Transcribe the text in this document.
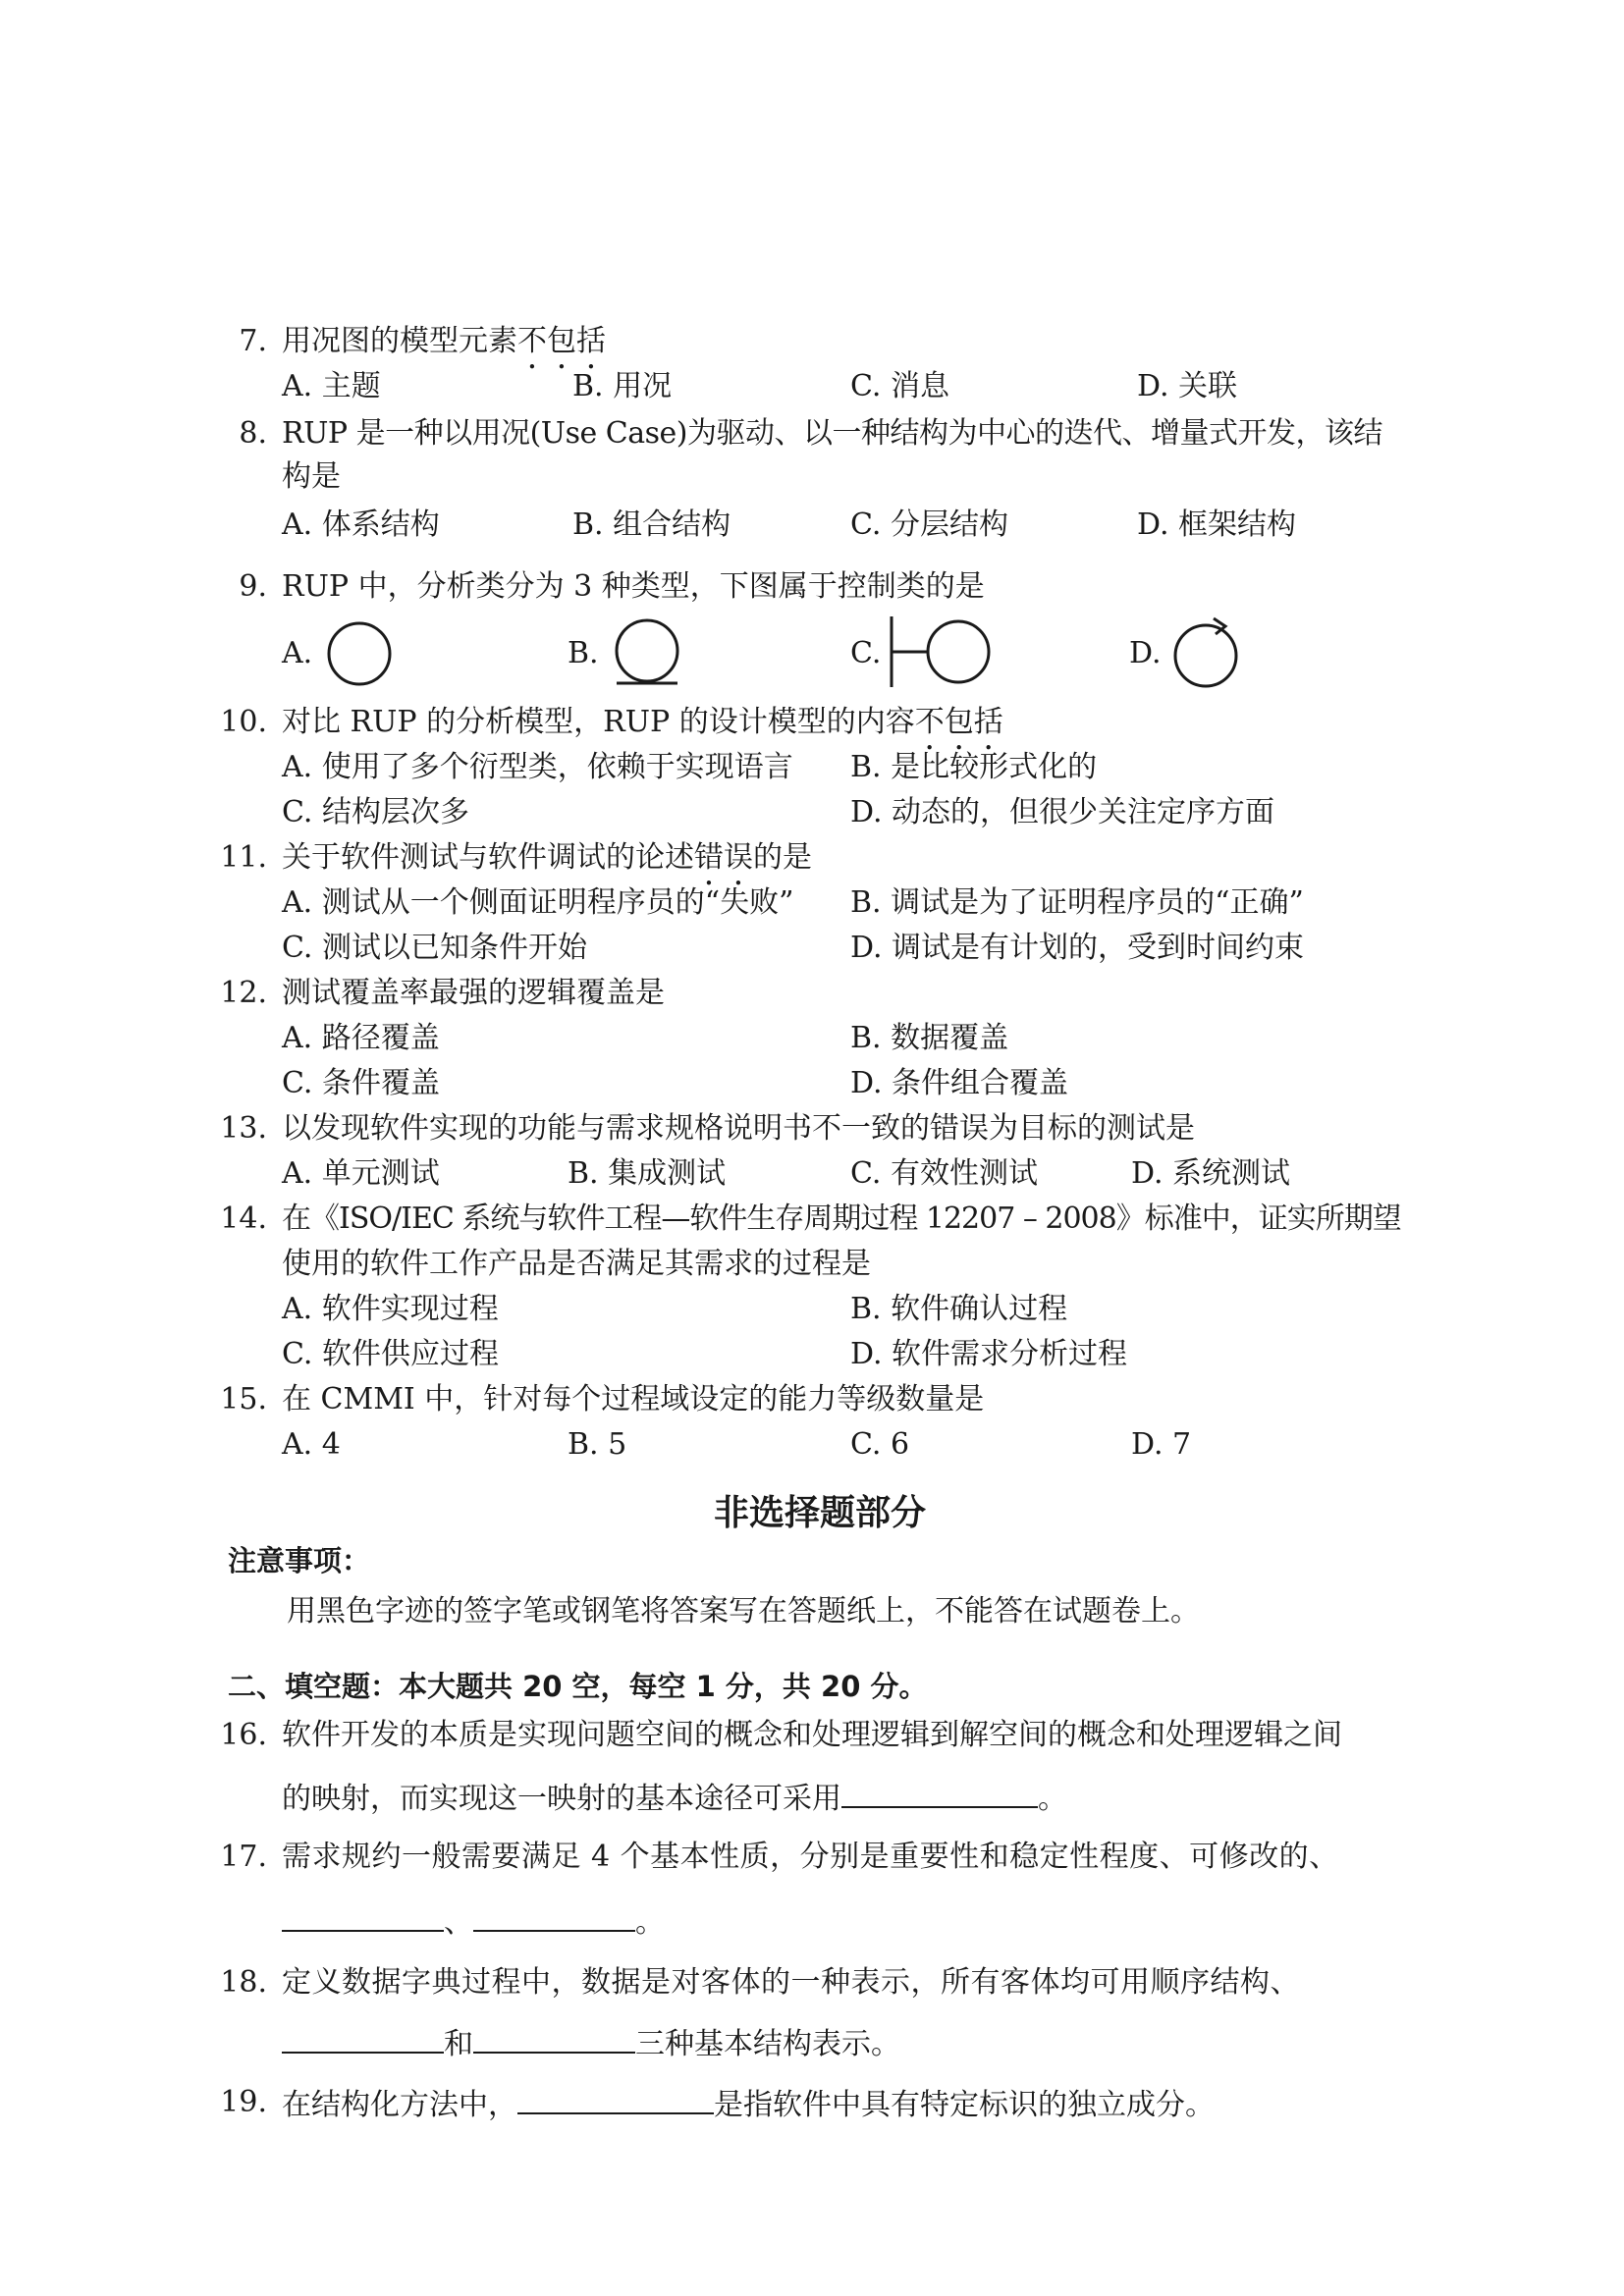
7. 用况图的模型元素不包括
A. 主题	B. 用况	C. 消息	D. 关联
8. RUP 是一种以用况(Use Case)为驱动、以一种结构为中心的迭代、增量式开发，该结
构是
A. 体系结构	B. 组合结构	C. 分层结构	D. 框架结构
9. RUP 中，分析类分为 3 种类型，下图属于控制类的是
A.	B.	C.	D.
10. 对比 RUP 的分析模型，RUP 的设计模型的内容不包括
A. 使用了多个衍型类，依赖于实现语言 B. 是比较形式化的
C. 结构层次多	D. 动态的，但很少关注定序方面
11. 关于软件测试与软件调试的论述错误的是
A. 测试从一个侧面证明程序员的“失败” B. 调试是为了证明程序员的“正确”
C. 测试以已知条件开始	D. 调试是有计划的，受到时间约束
12. 测试覆盖率最强的逻辑覆盖是
A. 路径覆盖	B. 数据覆盖
C. 条件覆盖	D. 条件组合覆盖
13. 以发现软件实现的功能与需求规格说明书不一致的错误为目标的测试是
A. 单元测试	B. 集成测试	C. 有效性测试	D. 系统测试
14. 在《ISO/IEC 系统与软件工程—软件生存周期过程 12207 – 2008》标准中，证实所期望
使用的软件工作产品是否满足其需求的过程是
A. 软件实现过程	B. 软件确认过程
C. 软件供应过程	D. 软件需求分析过程
15. 在 CMMI 中，针对每个过程域设定的能力等级数量是
A. 4	B. 5	C. 6	D. 7
非选择题部分
注意事项：
用黑色字迹的签字笔或钢笔将答案写在答题纸上，不能答在试题卷上。
二、填空题：本大题共 20 空，每空 1 分，共 20 分。
16. 软件开发的本质是实现问题空间的概念和处理逻辑到解空间的概念和处理逻辑之间
的映射，而实现这一映射的基本途径可采用	。
17. 需求规约一般需要满足 4 个基本性质，分别是重要性和稳定性程度、可修改的、
、	。
18. 定义数据字典过程中，数据是对客体的一种表示，所有客体均可用顺序结构、
和	三种基本结构表示。
19. 在结构化方法中，	是指软件中具有特定标识的独立成分。
